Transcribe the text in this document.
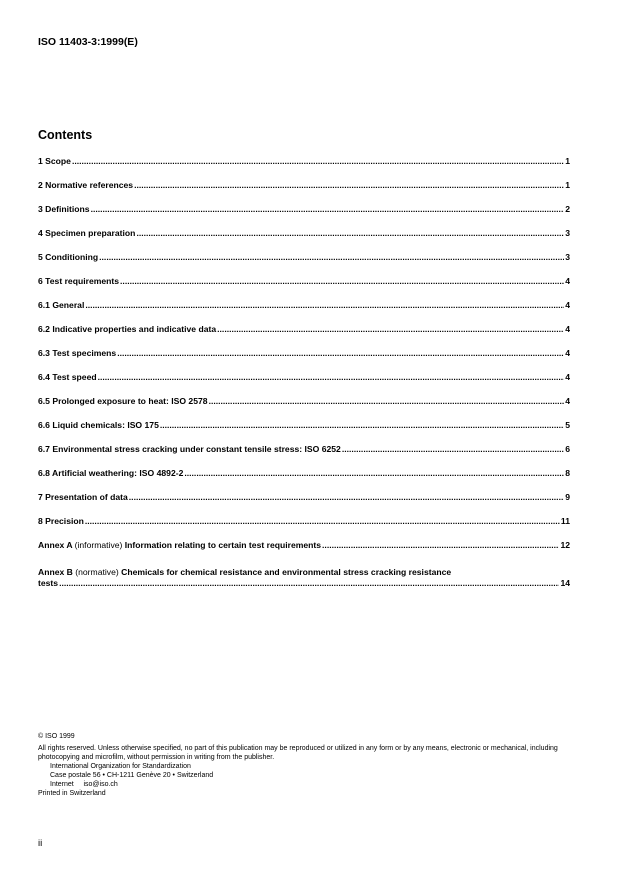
ISO 11403-3:1999(E)
Contents
1 Scope .....	1
2 Normative references .....	1
3 Definitions .....	2
4 Specimen preparation .....	3
5 Conditioning .....	3
6 Test requirements .....	4
6.1 General .....	4
6.2 Indicative properties and indicative data .....	4
6.3 Test specimens .....	4
6.4 Test speed .....	4
6.5 Prolonged exposure to heat: ISO 2578 .....	4
6.6 Liquid chemicals: ISO 175 .....	5
6.7 Environmental stress cracking under constant tensile stress: ISO 6252 .....	6
6.8 Artificial weathering: ISO 4892-2 .....	8
7 Presentation of data .....	9
8 Precision .....	11
Annex A (informative) Information relating to certain test requirements .....	12
Annex B (normative) Chemicals for chemical resistance and environmental stress cracking resistance
tests .....	14
© ISO 1999
All rights reserved. Unless otherwise specified, no part of this publication may be reproduced or utilized in any form or by any means, electronic or mechanical, including photocopying and microfilm, without permission in writing from the publisher.
International Organization for Standardization
Case postale 56 • CH-1211 Genève 20 • Switzerland
Internet iso@iso.ch
Printed in Switzerland
ii
